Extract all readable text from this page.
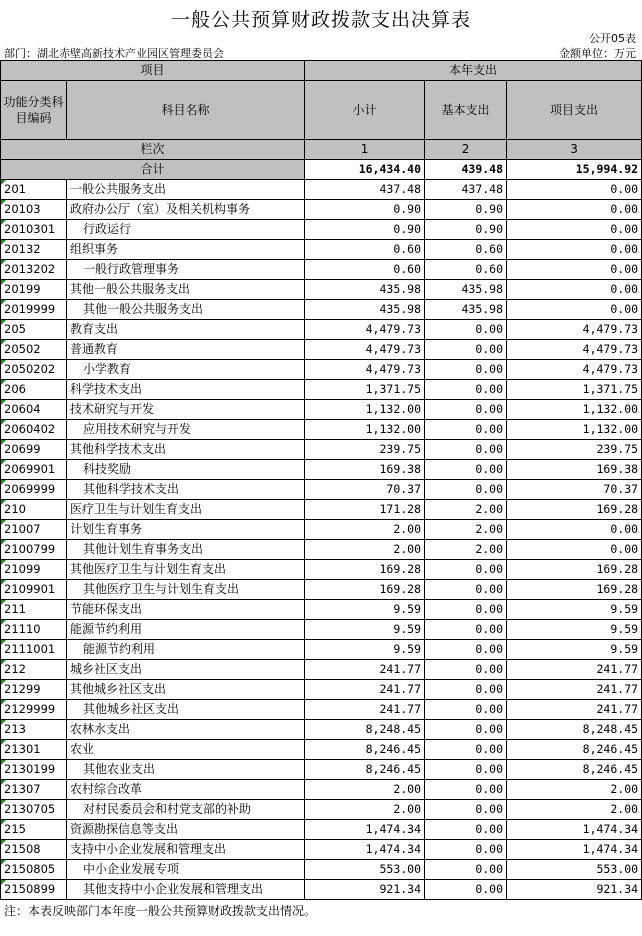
一般公共预算财政拨款支出决算表
公开05表
部门：湖北赤壁高新技术产业园区管理委员会	金额单位：万元
项目		本年支出		
功能分类科目编码	科目名称	小计	基本支出	项目支出
栏次		1	2	3
合计		16,434.40	439.48	15,994.92

201	一般公共服务支出	437.48	437.48	0.00

20103	政府办公厅（室）及相关机构事务	0.90	0.90	0.00

2010301	行政运行	0.90	0.90	0.00

20132	组织事务	0.60	0.60	0.00

2013202	一般行政管理事务	0.60	0.60	0.00

20199	其他一般公共服务支出	435.98	435.98	0.00

2019999	其他一般公共服务支出	435.98	435.98	0.00

205	教育支出	4,479.73	0.00	4,479.73

20502	普通教育	4,479.73	0.00	4,479.73

2050202	小学教育	4,479.73	0.00	4,479.73

206	科学技术支出	1,371.75	0.00	1,371.75

20604	技术研究与开发	1,132.00	0.00	1,132.00

2060402	应用技术研究与开发	1,132.00	0.00	1,132.00

20699	其他科学技术支出	239.75	0.00	239.75

2069901	科技奖励	169.38	0.00	169.38

2069999	其他科学技术支出	70.37	0.00	70.37

210	医疗卫生与计划生育支出	171.28	2.00	169.28

21007	计划生育事务	2.00	2.00	0.00

2100799	其他计划生育事务支出	2.00	2.00	0.00

21099	其他医疗卫生与计划生育支出	169.28	0.00	169.28

2109901	其他医疗卫生与计划生育支出	169.28	0.00	169.28

211	节能环保支出	9.59	0.00	9.59

21110	能源节约利用	9.59	0.00	9.59

2111001	能源节约利用	9.59	0.00	9.59

212	城乡社区支出	241.77	0.00	241.77

21299	其他城乡社区支出	241.77	0.00	241.77

2129999	其他城乡社区支出	241.77	0.00	241.77

213	农林水支出	8,248.45	0.00	8,248.45

21301	农业	8,246.45	0.00	8,246.45

2130199	其他农业支出	8,246.45	0.00	8,246.45

21307	农村综合改革	2.00	0.00	2.00

2130705	对村民委员会和村党支部的补助	2.00	0.00	2.00

215	资源勘探信息等支出	1,474.34	0.00	1,474.34

21508	支持中小企业发展和管理支出	1,474.34	0.00	1,474.34

2150805	中小企业发展专项	553.00	0.00	553.00

2150899	其他支持中小企业发展和管理支出	921.34	0.00	921.34
注：本表反映部门本年度一般公共预算财政拨款支出情况。
